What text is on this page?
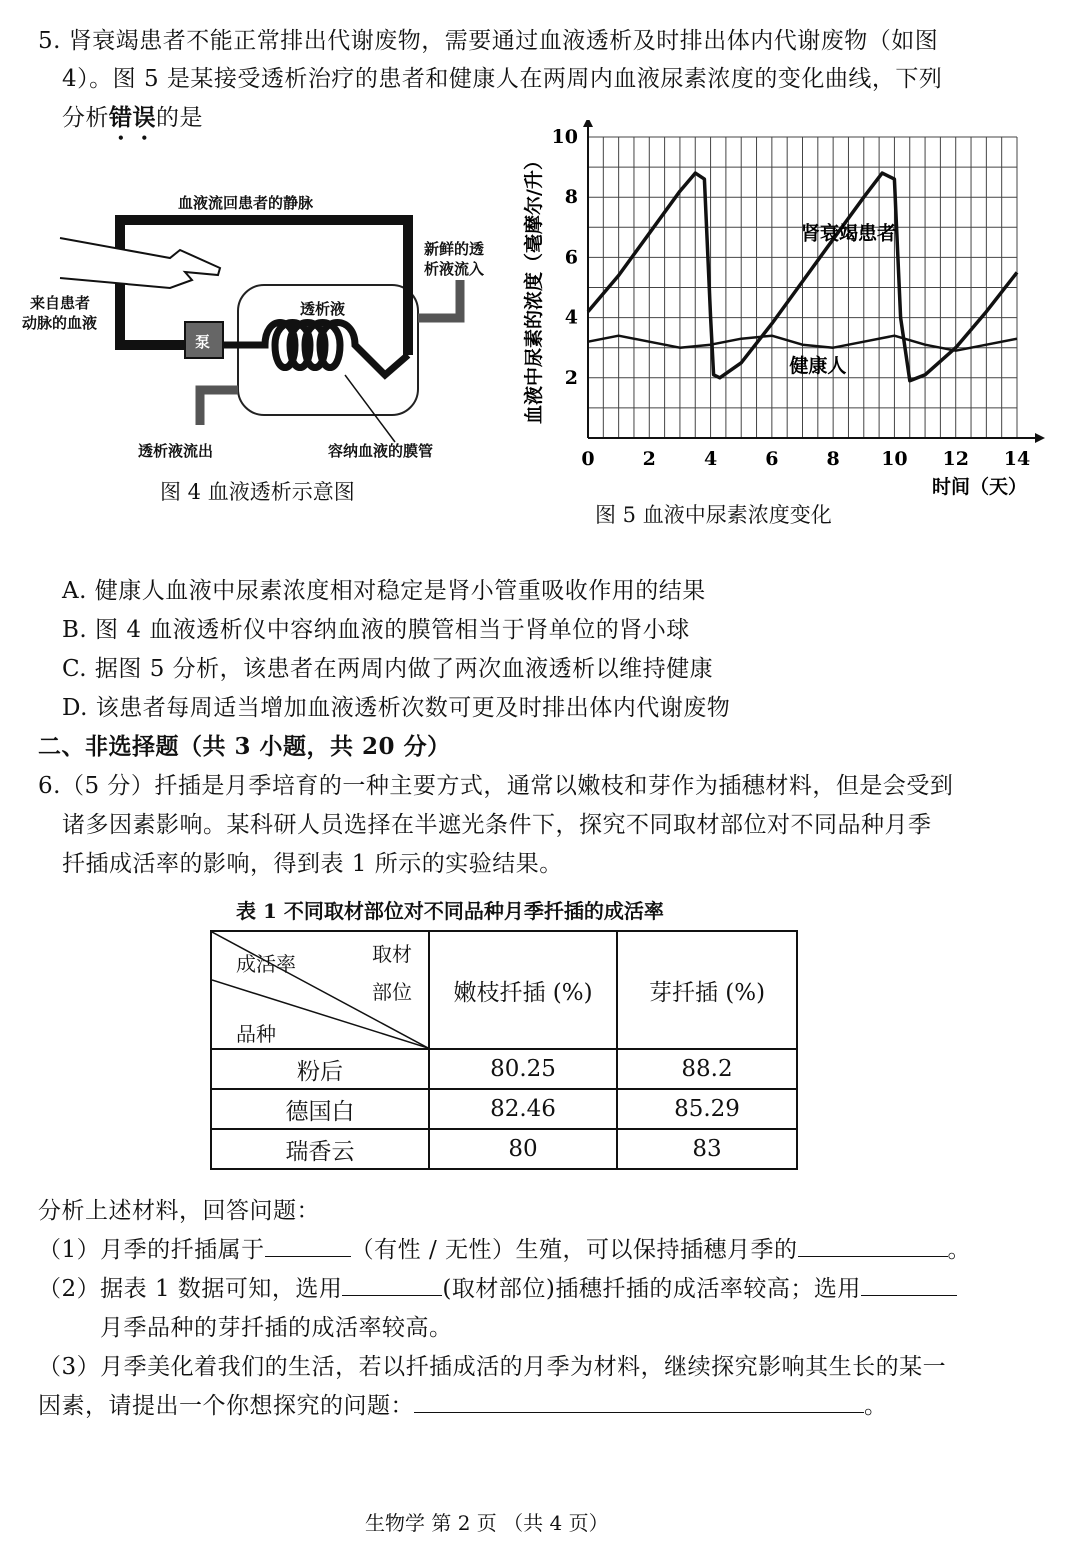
5. 肾衰竭患者不能正常排出代谢废物，需要通过血液透析及时排出体内代谢废物（如图
4）。图 5 是某接受透析治疗的患者和健康人在两周内血液尿素浓度的变化曲线，下列
分析错误的是
血液流回患者的静脉
新鲜的透
析液流入
来自患者
动脉的血液
泵
透析液
透析液流出	容纳血液的膜管
图 4 血液透析示意图
0	2	4	6	8 10 12 14
2
4
6
8
10
血液中尿素的浓度（毫摩尔/升）
时间（天）
肾衰竭患者
健康人
图 5 血液中尿素浓度变化
A. 健康人血液中尿素浓度相对稳定是肾小管重吸收作用的结果
B. 图 4 血液透析仪中容纳血液的膜管相当于肾单位的肾小球
C. 据图 5 分析，该患者在两周内做了两次血液透析以维持健康
D. 该患者每周适当增加血液透析次数可更及时排出体内代谢废物
二、非选择题（共 3 小题，共 20 分）
6.（5 分）扦插是月季培育的一种主要方式，通常以嫩枝和芽作为插穗材料，但是会受到
诸多因素影响。某科研人员选择在半遮光条件下，探究不同取材部位对不同品种月季
扦插成活率的影响，得到表 1 所示的实验结果。
表 1 不同取材部位对不同品种月季扦插的成活率
成活率 取材
部位
品种	嫩枝扦插 (%)	芽扦插 (%)
粉后	80.25	88.2
德国白	82.46	85.29
瑞香云	80	83
分析上述材料，回答问题：
（1）月季的扦插属于	（有性 / 无性）生殖，可以保持插穗月季的	。
（2）据表 1 数据可知，选用	(取材部位)插穗扦插的成活率较高；选用
月季品种的芽扦插的成活率较高。
（3）月季美化着我们的生活，若以扦插成活的月季为材料，继续探究影响其生长的某一
因素，请提出一个你想探究的问题：	。
生物学 第 2 页 （共 4 页）
